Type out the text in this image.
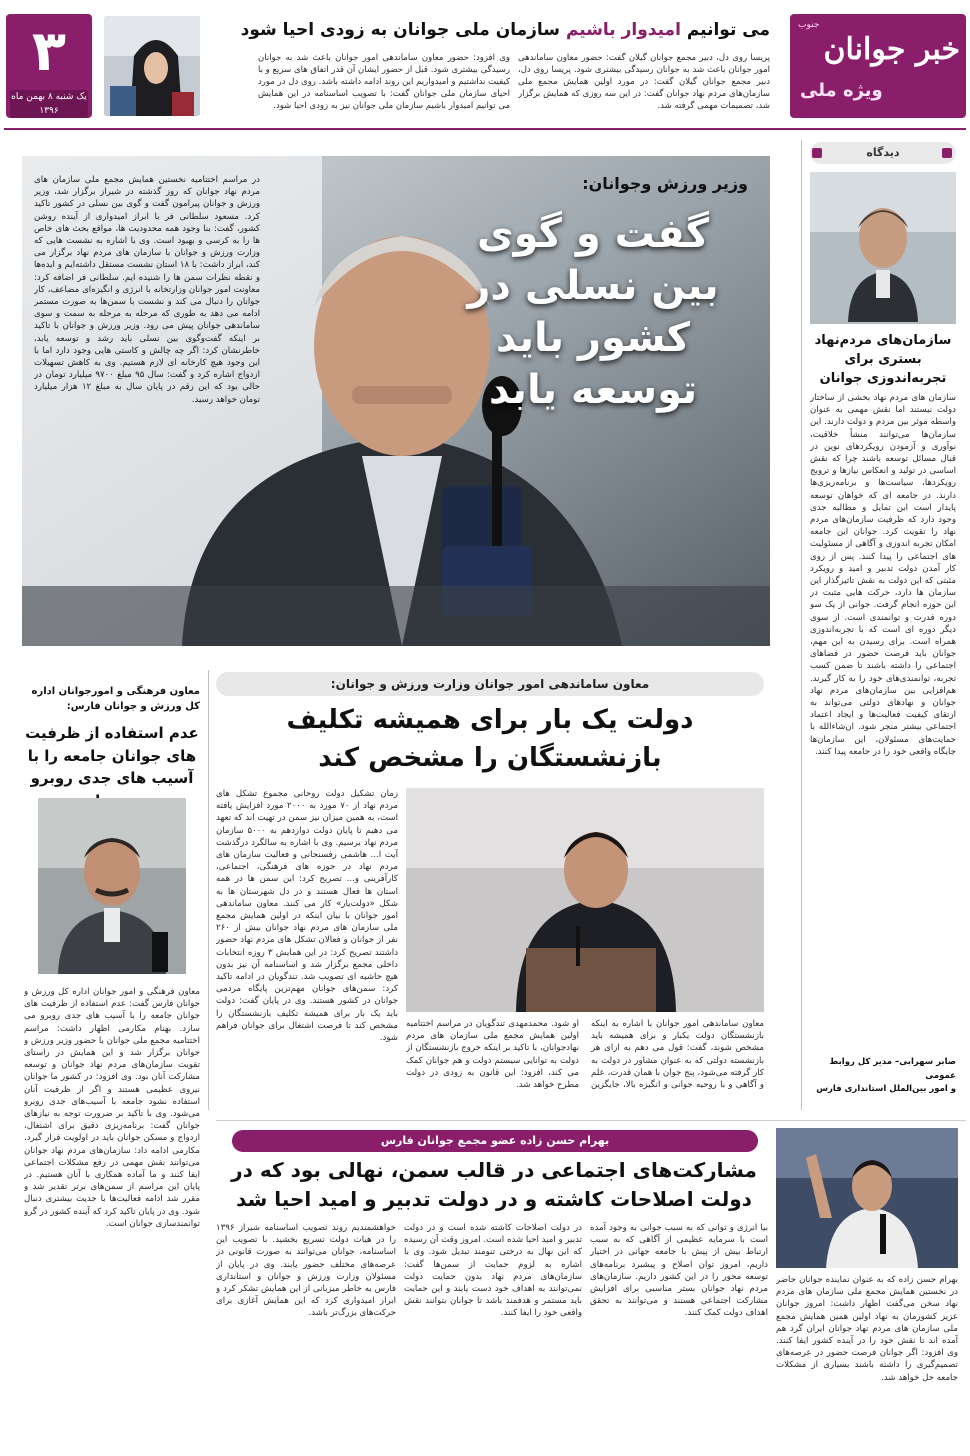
جنوب
خبر جوانان
ویژه ملی
۳
یک شنبه ۸ بهمن ماه ۱۳۹۶
می توانیم امیدوار باشیم سازمان ملی جوانان به زودی احیا شود
پریسا روی دل، دبیر مجمع جوانان گیلان گفت: حضور معاون ساماندهی امور جوانان باعث شد به جوانان رسیدگی بیشتری شود. پریسا روی دل، دبیر مجمع جوانان گیلان گفت: در مورد اولین همایش مجمع ملی سازمان‌های مردم نهاد جوانان گفت: در این سه روزی که همایش برگزار شد، تصمیمات مهمی گرفته شد.
وی افزود: حضور معاون ساماندهی امور جوانان باعث شد به جوانان رسیدگی بیشتری شود. قبل از حضور ایشان آن قدر اتفاق های سریع و با کیفیت نداشتیم و امیدواریم این روند ادامه داشته باشد. روی دل در مورد احیای سازمان ملی جوانان گفت: با تصویب اساسنامه در این همایش می توانیم امیدوار باشیم سازمان ملی جوانان نیز به زودی احیا شود.
دیدگاه
سازمان‌های مردم‌نهاد بستری برای تجربه‌اندوزی جوانان
سازمان های مردم نهاد بخشی از ساختار دولت نیستند اما نقش مهمی به عنوان واسطه موثر بین مردم و دولت دارند. این سازمان‌ها می‌توانند منشأ خلاقیت، نوآوری و آزمودن رویکردهای نوین در قبال مسائل توسعه باشند چرا که نقش اساسی در تولید و انعکاس نیازها و ترویج رویکردها، سیاست‌ها و برنامه‌ریزی‌ها دارند. در جامعه ای که خواهان توسعه پایدار است این تمایل و مطالبه جدی وجود دارد که ظرفیت سازمان‌های مردم نهاد را تقویت کرد. جوانان این جامعه امکان تجربه اندوزی و آگاهی از مسئولیت های اجتماعی را پیدا کنند. پس از روی کار آمدن دولت تدبیر و امید و رویکرد مثبتی که این دولت به نقش تاثیرگذار این سازمان ها دارد، حرکت هایی مثبت در این حوزه انجام گرفت. جوانی از یک سو دوره قدرت و توانمندی است. از سوی دیگر دوره ای است که با تجربه‌اندوزی همراه است. برای رسیدن به این مهم، جوانان باید فرصت حضور در فضاهای اجتماعی را داشته باشند تا ضمن کسب تجربه، توانمندی‌های خود را به کار گیرند. هم‌افزایی بین سازمان‌های مردم نهاد جوانان و نهادهای دولتی می‌تواند به ارتقای کیفیت فعالیت‌ها و ایجاد اعتماد اجتماعی بیشتر منجر شود. ان‌شاءالله با حمایت‌های مسئولان، این سازمان‌ها جایگاه واقعی خود را در جامعه پیدا کنند.
صابر سهرابی– مدیر کل روابط عمومی
و امور بین‌الملل استانداری فارس
در مراسم اختتامیه نخستین همایش مجمع ملی سازمان های مردم نهاد جوانان که روز گذشته در شیراز برگزار شد، وزیر ورزش و جوانان پیرامون گفت و گوی بین نسلی در کشور تاکید کرد. مسعود سلطانی فر با ابراز امیدواری از آینده روشن کشور، گفت: بنا وجود همه محدودیت ها، مواقع بحث های خاص ها را به کرسی و بهبود است. وی با اشاره به نشست هایی که وزارت ورزش و جوانان با سازمان های مردم نهاد برگزار می کند، ابراز داشت: با ۱۸ استان نشست مستقل داشته‌ایم و ایده‌ها و نقطه نظرات سمن ها را شنیده ایم. سلطانی فر اضافه کرد: معاونت امور جوانان وزارتخانه با انرژی و انگیزه‌ای مضاعف، کار جوانان را دنبال می کند و نشست با سمن‌ها به صورت مستمر ادامه می دهد به طوری که مرحله به مرحله به سمت و سوی ساماندهی جوانان پیش می رود. وزیر ورزش و جوانان با تاکید بر اینکه گفت‌وگوی بین نسلی باید رشد و توسعه یابد، خاطرنشان کرد: اگر چه چالش و کاستی هایی وجود دارد اما با این وجود هیچ کارخانه ای لازم هستیم. وی به کاهش تسهیلات ازدواج اشاره کرد و گفت: سال ۹۵ مبلغ ۹۷۰۰ میلیارد تومان در حالی بود که این رقم در پایان سال به مبلغ ۱۲ هزار میلیارد تومان خواهد رسید.
وزیر ورزش وجوانان:
گفت و گوی بین نسلی در کشور باید توسعه یابد
معاون فرهنگی و امورجوانان اداره کل ورزش و جوانان فارس:
عدم استفاده از ظرفیت های جوانان جامعه را با آسیب های جدی روبرو
معاون فرهنگی و امور جوانان اداره کل ورزش و جوانان فارس گفت: عدم استفاده از ظرفیت های جوانان جامعه را با آسیب های جدی روبرو می سازد. بهنام مکارمی اظهار داشت: مراسم اختتامیه مجمع ملی جوانان با حضور وزیر ورزش و جوانان برگزار شد و این همایش در راستای تقویت سازمان‌های مردم نهاد جوانان و توسعه مشارکت آنان بود. وی افزود: در کشور ما جوانان نیروی عظیمی هستند و اگر از ظرفیت آنان استفاده نشود جامعه با آسیب‌های جدی روبرو می‌شود. وی با تاکید بر ضرورت توجه به نیازهای جوانان گفت: برنامه‌ریزی دقیق برای اشتغال، ازدواج و مسکن جوانان باید در اولویت قرار گیرد. مکارمی ادامه داد: سازمان‌های مردم نهاد جوانان می‌توانند نقش مهمی در رفع مشکلات اجتماعی ایفا کنند و ما آماده همکاری با آنان هستیم. در پایان این مراسم از سمن‌های برتر تقدیر شد و مقرر شد ادامه فعالیت‌ها با جدیت بیشتری دنبال شود. وی در پایان تاکید کرد که آینده کشور در گرو توانمندسازی جوانان است.
معاون ساماندهی امور جوانان وزارت ورزش و جوانان:
دولت یک بار برای همیشه تکلیف بازنشستگان را مشخص کند
زمان تشکیل دولت روحانی مجموع تشکل های مردم نهاد از ۷۰ مورد به ۲۰۰۰ مورد افزایش یافته است، به همین میزان نیز سمن در تهیت اند که تعهد می دهیم تا پایان دولت دوازدهم به ۵۰۰۰ سازمان مردم نهاد برسیم. وی با اشاره به سالگرد درگذشت آیت ا... هاشمی رفسنجانی و فعالیت سازمان های مردم نهاد در حوزه های فرهنگی، اجتماعی، کارآفرینی و... تصریح کرد: این سمن ها در همه استان ها فعال هستند و در دل شهرستان ها به شکل «دولت‌یار» کار می کنند. معاون ساماندهی امور جوانان با بیان اینکه در اولین همایش مجمع ملی سازمان های مردم نهاد جوانان بیش از ۲۶۰ نفر از جوانان و فعالان تشکل های مردم نهاد حضور داشتند تصریح کرد: در این همایش ۳ روزه انتخابات داخلی مجمع برگزار شد و اساسنامه آن نیز بدون هیچ حاشیه ای تصویب شد. تندگویان در ادامه تاکید کرد: سمن‌های جوانان مهم‌ترین پایگاه مردمی جوانان در کشور هستند. وی در پایان گفت: دولت باید یک بار برای همیشه تکلیف بازنشستگان را مشخص کند تا فرصت اشتغال برای جوانان فراهم شود.
معاون ساماندهی امور جوانان با اشاره به اینکه بازنشستگان دولت یکبار و برای همیشه باید مشخص شوند، گفت: قول می دهم به ازای هر بازنشسته دولتی که به عنوان مشاور در دولت به کار گرفته می‌شود، پنج جوان با همان قدرت، علم و آگاهی و با روحیه جوانی و انگیزه بالا، جایگزین او شود. محمدمهدی تندگویان در مراسم اختتامیه اولین همایش مجمع ملی سازمان های مردم نهادجوانان، با تاکید بر اینکه خروج بازنشستگان از دولت به توانایی سیستم دولت و هم جوانان کمک می کند، افزود: این قانون به زودی در دولت مطرح خواهد شد.
بهرام حسن زاده عضو مجمع جوانان فارس
مشارکت‌های اجتماعی در قالب سمن، نهالی بود که در دولت اصلاحات کاشته و در دولت تدبیر و امید احیا شد
بهرام حسن زاده که به عنوان نماینده جوانان حاضر در نخستین همایش مجمع ملی سازمان های مردم نهاد سخن می‌گفت اظهار داشت: امروز جوانان عزیز کشورمان به نهاد اولین همین همایش مجمع ملی سازمان های مردم نهاد جوانان ایران گرد هم آمده اند تا نقش خود را در آینده کشور ایفا کنند. وی افزود: اگر جوانان فرصت حضور در عرصه‌های تصمیم‌گیری را داشته باشند بسیاری از مشکلات جامعه حل خواهد شد.
بیا انرژی و توانی که به سبب جوانی به وجود آمده است با سرمایه عظیمی از آگاهی که به سبب ارتباط بیش از پیش با جامعه جهانی در اختیار داریم، امروز توان اصلاح و پیشبرد برنامه‌های توسعه محور را در این کشور داریم. سازمان‌های مردم نهاد جوانان بستر مناسبی برای افزایش مشارکت اجتماعی هستند و می‌توانند به تحقق اهداف دولت کمک کنند.
در دولت اصلاحات کاشته شده است و در دولت تدبیر و امید احیا شده است. امروز وقت آن رسیده که این نهال به درختی تنومند تبدیل شود. وی با اشاره به لزوم حمایت از سمن‌ها گفت: سازمان‌های مردم نهاد بدون حمایت دولت نمی‌توانند به اهداف خود دست یابند و این حمایت باید مستمر و هدفمند باشد تا جوانان بتوانند نقش واقعی خود را ایفا کنند.
خواهشمندیم روند تصویب اساسنامه شیراز ۱۳۹۶ را در هیات دولت تسریع بخشید. با تصویب این اساسنامه، جوانان می‌توانند به صورت قانونی در عرصه‌های مختلف حضور یابند. وی در پایان از مسئولان وزارت ورزش و جوانان و استانداری فارس به خاطر میزبانی از این همایش تشکر کرد و ابراز امیدواری کرد که این همایش آغازی برای حرکت‌های بزرگ‌تر باشد.
